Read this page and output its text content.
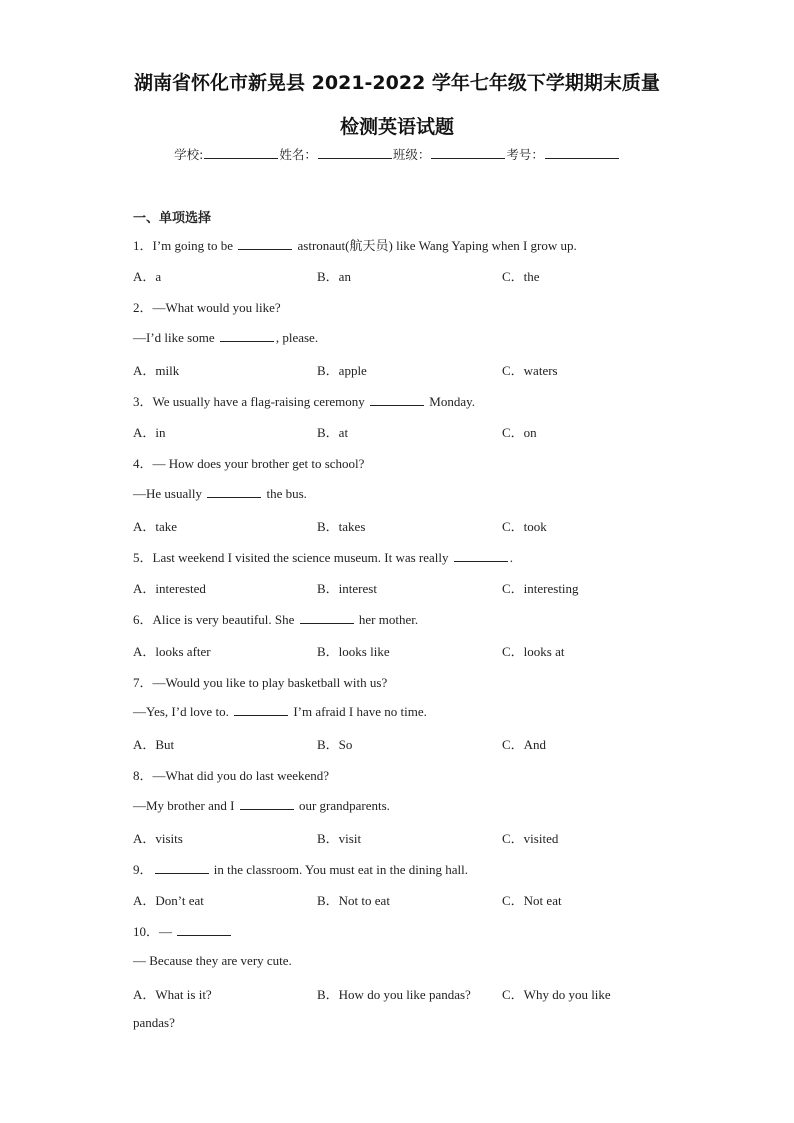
湖南省怀化市新晃县 2021-2022 学年七年级下学期期末质量
检测英语试题
学校:	姓名：	班级：	考号：
一、单项选择
1．I’m going to be	astronaut(航天员) like Wang Yaping when I grow up.
A．a	B．an	C．the
2．—What would you like?
—I’d like some	, please.
A．milk	B．apple	C．waters
3．We usually have a flag-raising ceremony	Monday.
A．in	B．at	C．on
4．— How does your brother get to school?
—He usually	the bus.
A．take	B．takes	C．took
5．Last weekend I visited the science museum. It was really	.
A．interested	B．interest	C．interesting
6．Alice is very beautiful. She	her mother.
A．looks after	B．looks like	C．looks at
7．—Would you like to play basketball with us?
—Yes, I’d love to.	I’m afraid I have no time.
A．But	B．So	C．And
8．—What did you do last weekend?
—My brother and I	our grandparents.
A．visits	B．visit	C．visited
9．	in the classroom. You must eat in the dining hall.
A．Don’t eat	B．Not to eat	C．Not eat
10．—
— Because they are very cute.
A．What is it?	B．How do you like pandas? C．Why do you like
pandas?
